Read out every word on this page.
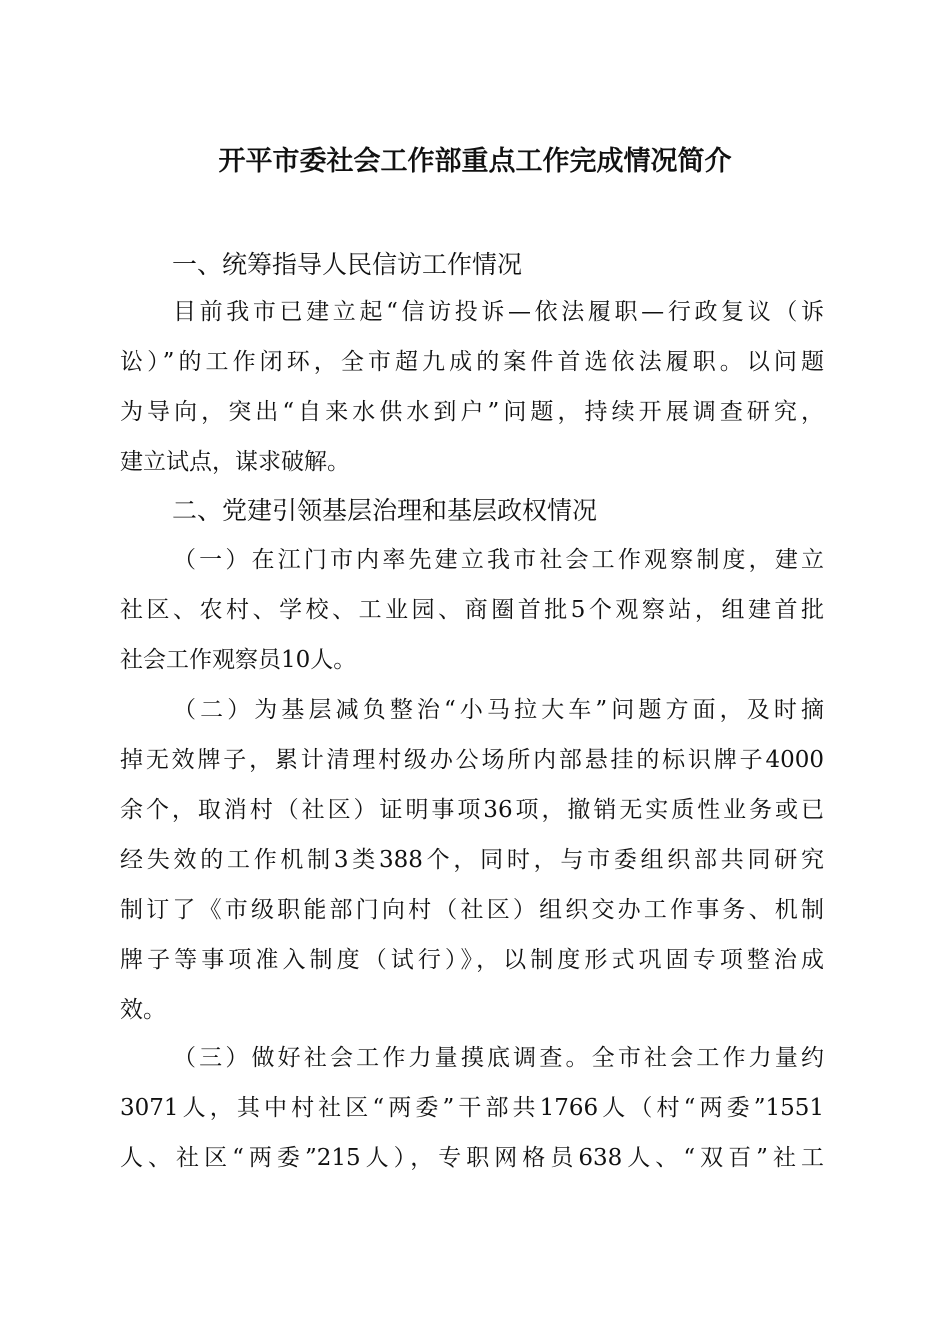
开平市委社会工作部重点工作完成情况简介
一、统筹指导人民信访工作情况
目前我市已建立起“信访投诉—依法履职—行政复议（诉
讼）”的工作闭环，全市超九成的案件首选依法履职。以问题
为导向，突出“自来水供水到户”问题，持续开展调查研究，
建立试点，谋求破解。
二、党建引领基层治理和基层政权情况
（一）在江门市内率先建立我市社会工作观察制度，建立
社区、农村、学校、工业园、商圈首批5个观察站，组建首批
社会工作观察员10人。
（二）为基层减负整治“小马拉大车”问题方面，及时摘
掉无效牌子，累计清理村级办公场所内部悬挂的标识牌子4000
余个，取消村（社区）证明事项36项，撤销无实质性业务或已
经失效的工作机制3类388个，同时，与市委组织部共同研究
制订了《市级职能部门向村（社区）组织交办工作事务、机制
牌子等事项准入制度（试行）》，以制度形式巩固专项整治成
效。
（三）做好社会工作力量摸底调查。全市社会工作力量约
3071人，其中村社区“两委”干部共1766人（村“两委”1551
人、社区“两委”215人），专职网格员638人、“双百”社工
